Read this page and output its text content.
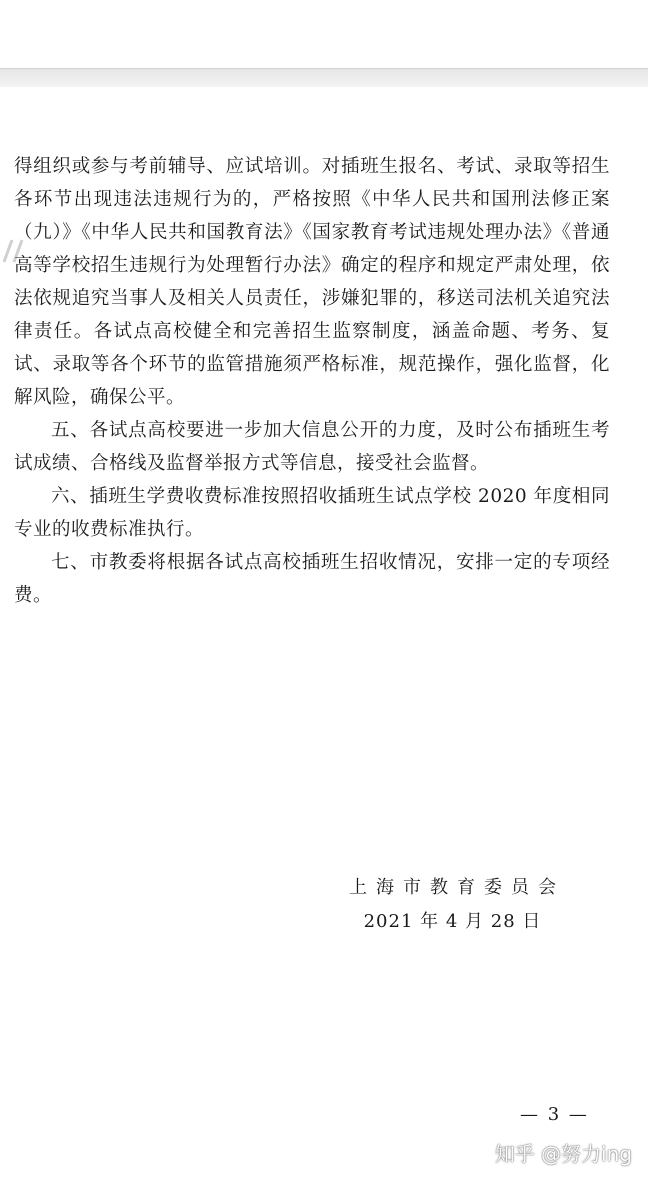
得组织或参与考前辅导、应试培训。对插班生报名、考试、录取等招生各环节出现违法违规行为的，严格按照《中华人民共和国刑法修正案（九）》《中华人民共和国教育法》《国家教育考试违规处理办法》《普通高等学校招生违规行为处理暂行办法》确定的程序和规定严肃处理，依法依规追究当事人及相关人员责任，涉嫌犯罪的，移送司法机关追究法律责任。各试点高校健全和完善招生监察制度，涵盖命题、考务、复试、录取等各个环节的监管措施须严格标准，规范操作，强化监督，化解风险，确保公平。

五、各试点高校要进一步加大信息公开的力度，及时公布插班生考试成绩、合格线及监督举报方式等信息，接受社会监督。

六、插班生学费收费标准按照招收插班生试点学校 2020 年度相同专业的收费标准执行。

七、市教委将根据各试点高校插班生招收情况，安排一定的专项经费。

上海市教育委员会
2021 年 4 月 28 日
— 3 —
知乎 @努力ing
